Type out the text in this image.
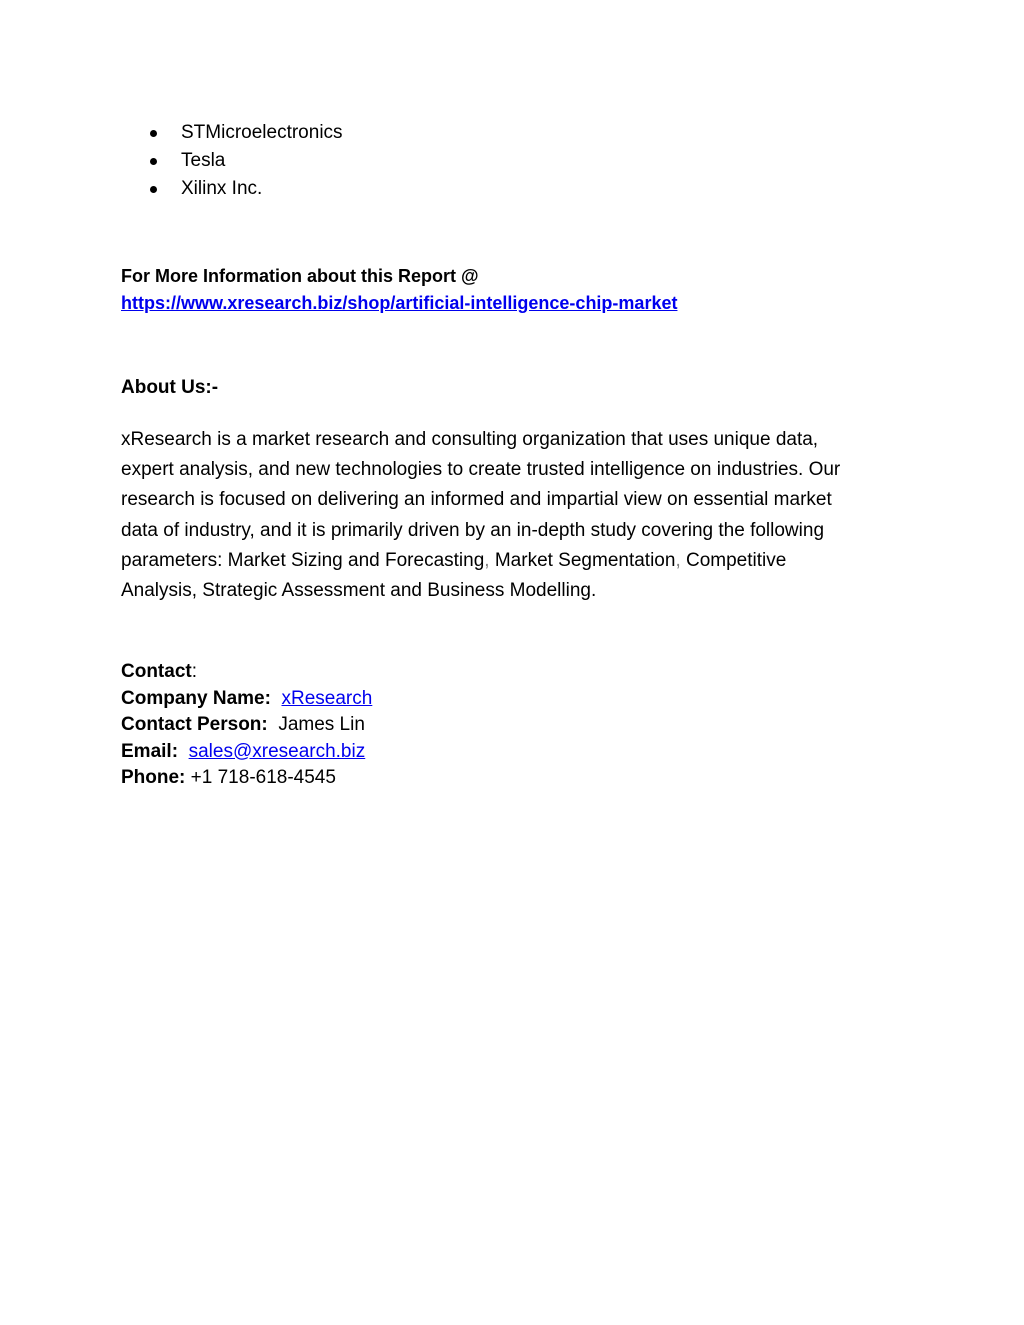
STMicroelectronics
Tesla
Xilinx Inc.
For More Information about this Report @
https://www.xresearch.biz/shop/artificial-intelligence-chip-market
About Us:-
xResearch is a market research and consulting organization that uses unique data,
expert analysis, and new technologies to create trusted intelligence on industries. Our
research is focused on delivering an informed and impartial view on essential market
data of industry, and it is primarily driven by an in-depth study covering the following
parameters: Market Sizing and Forecasting, Market Segmentation, Competitive
Analysis, Strategic Assessment and Business Modelling.
Contact:
Company Name: xResearch
Contact Person: James Lin
Email: sales@xresearch.biz
Phone: +1 718-618-4545
